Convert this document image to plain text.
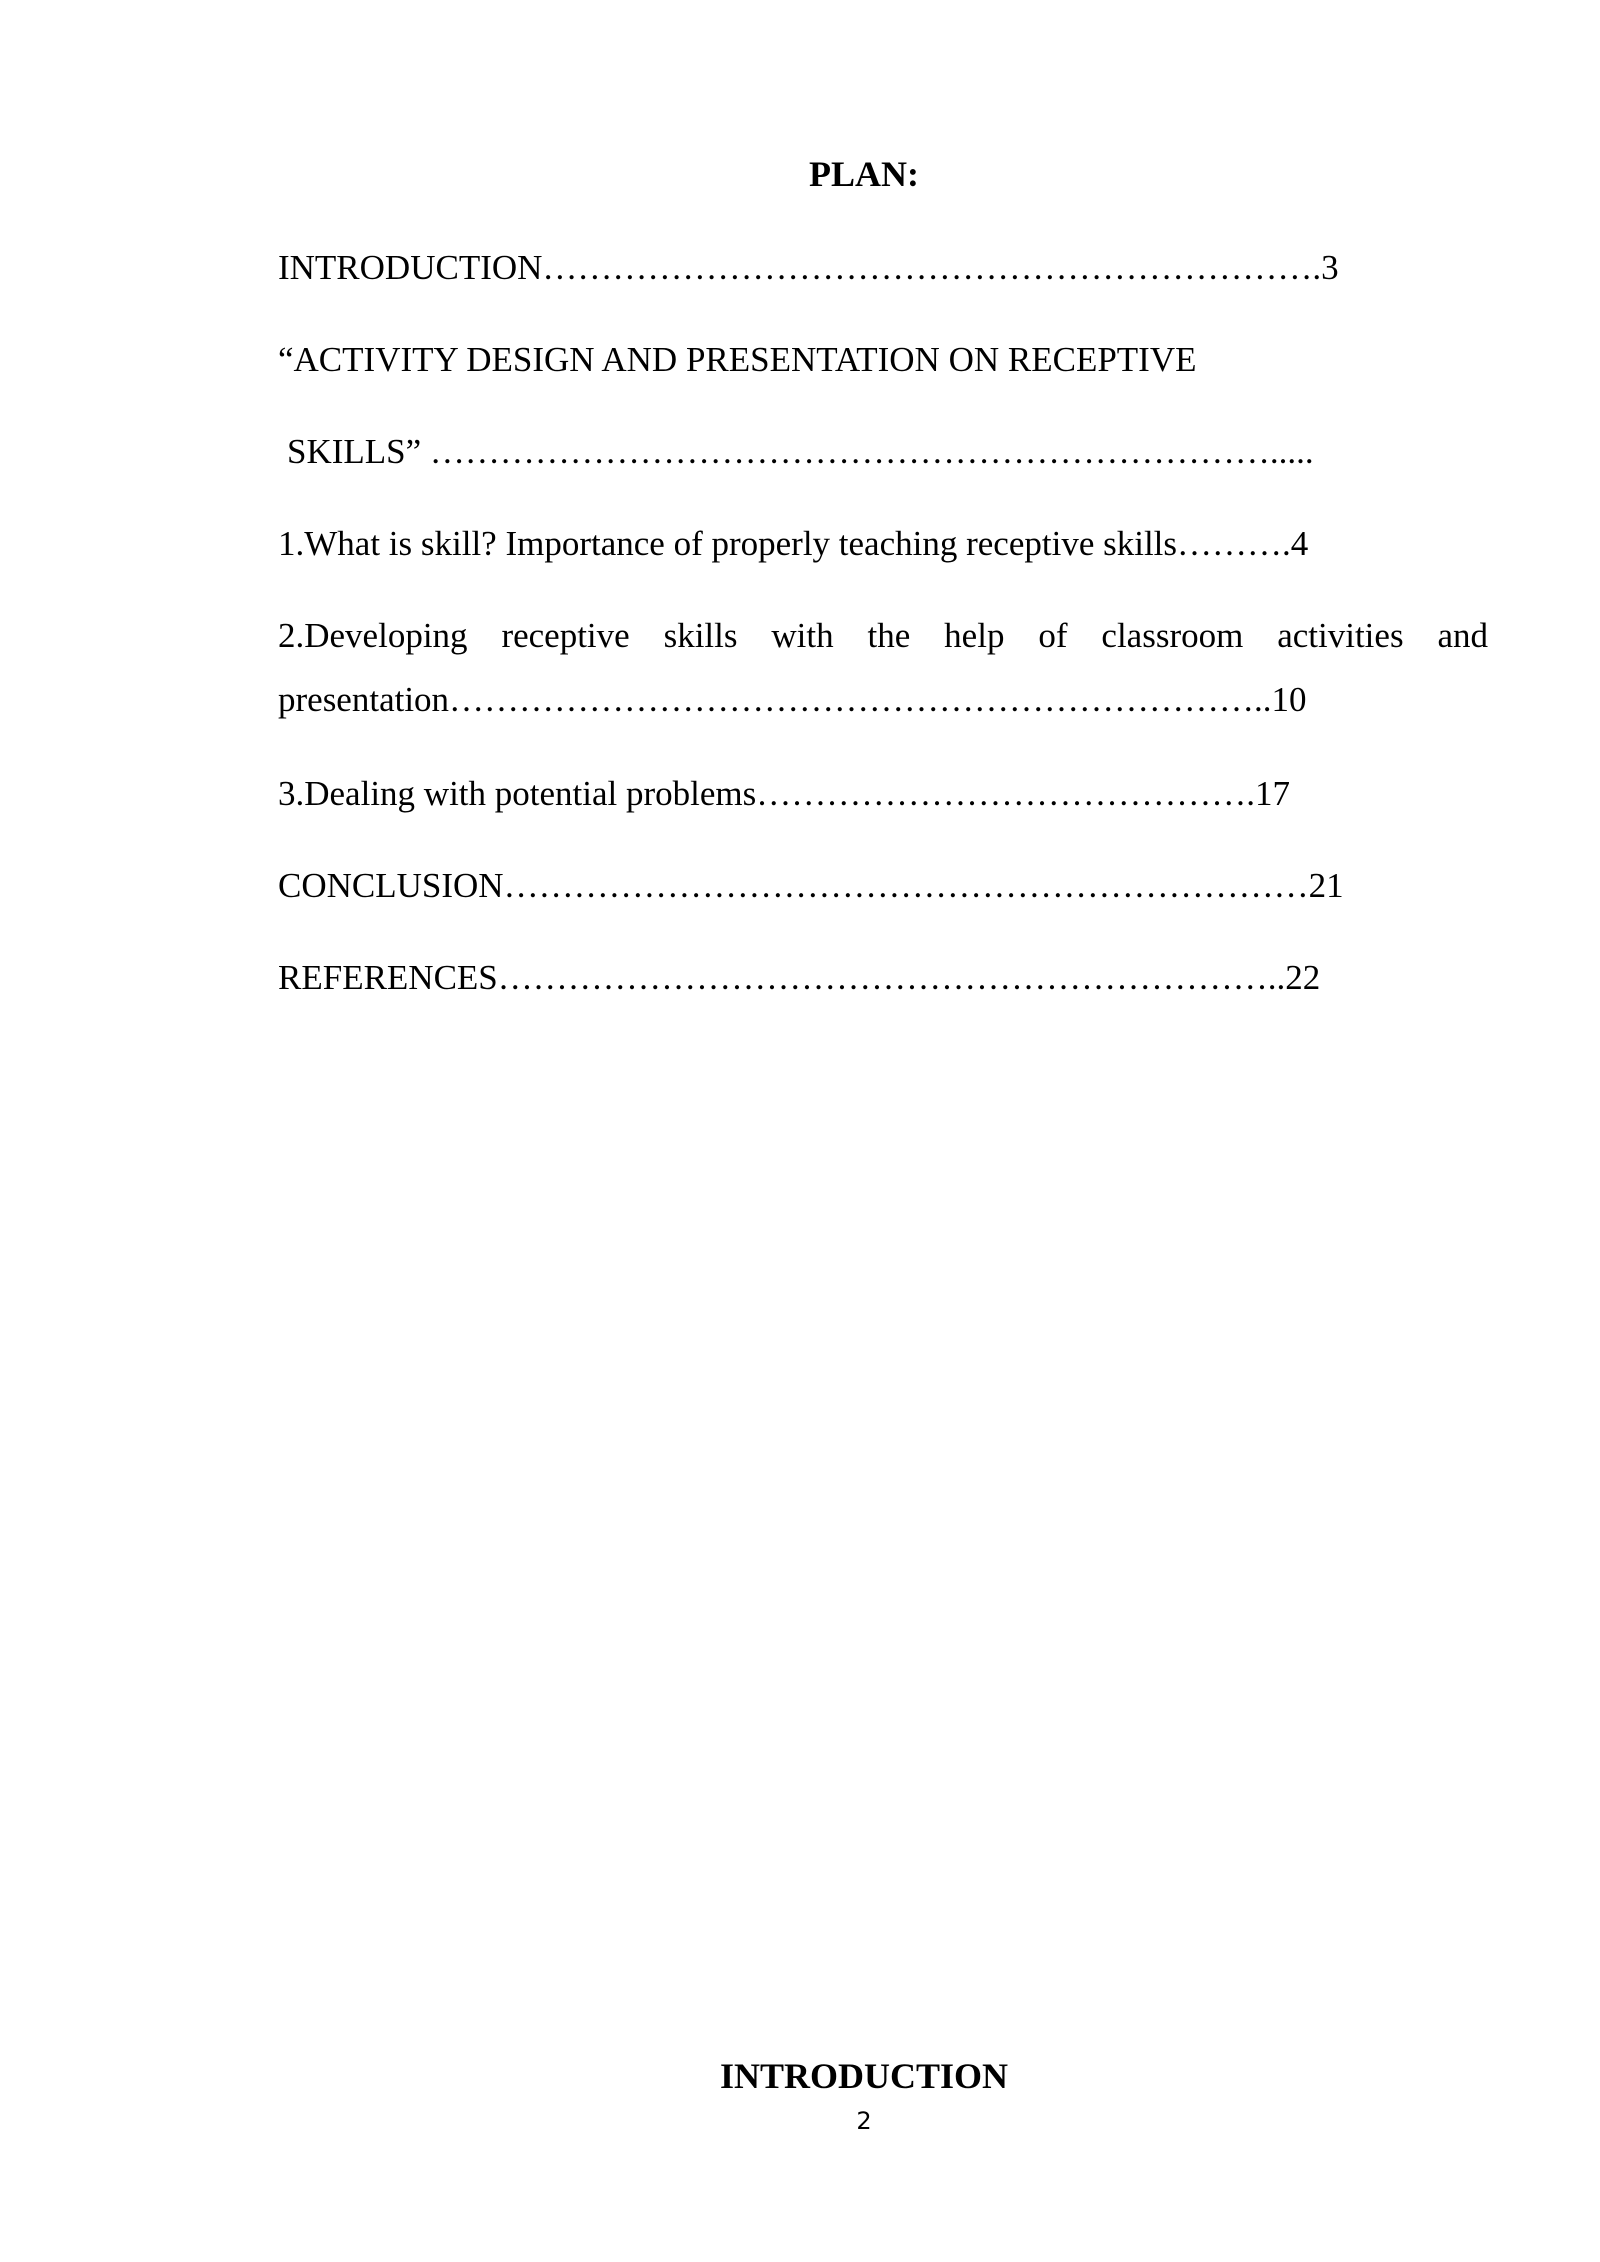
PLAN:
INTRODUCTION………………………………………………………….3
“ACTIVITY DESIGN AND PRESENTATION ON RECEPTIVE
SKILLS” ……………………………………………………………….....
1.What is skill? Importance of properly teaching receptive skills……….4
2.Developing receptive skills with the help of classroom activities and
presentation……………………………………………………………..10
3.Dealing with potential problems…………………………………….17
CONCLUSION……………………………………………………………21
REFERENCES…………………………………………………………..22
INTRODUCTION
2
